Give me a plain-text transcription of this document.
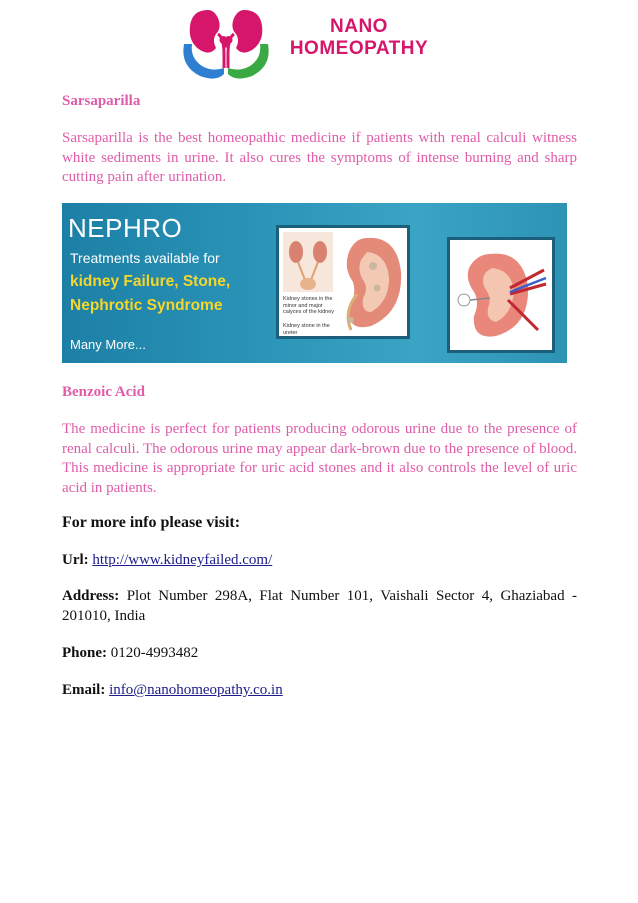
NANO
HOMEOPATHY
Sarsaparilla

Sarsaparilla is the best homeopathic medicine if patients with renal calculi witness white sediments in urine. It also cures the symptoms of intense burning and sharp cutting pain after urination.

NEPHRO
Treatments available for
kidney Failure, Stone,
Nephrotic Syndrome
Many More...
Kidney stones in the minor and major calyces of the kidney
Kidney stone in the ureter
Benzoic Acid

The medicine is perfect for patients producing odorous urine due to the presence of renal calculi. The odorous urine may appear dark-brown due to the presence of blood. This medicine is appropriate for uric acid stones and it also controls the level of uric acid in patients.

For more info please visit:
Url: http://www.kidneyfailed.com/
Address: Plot Number 298A, Flat Number 101, Vaishali Sector 4, Ghaziabad - 201010, India
Phone: 0120-4993482
Email: info@nanohomeopathy.co.in
